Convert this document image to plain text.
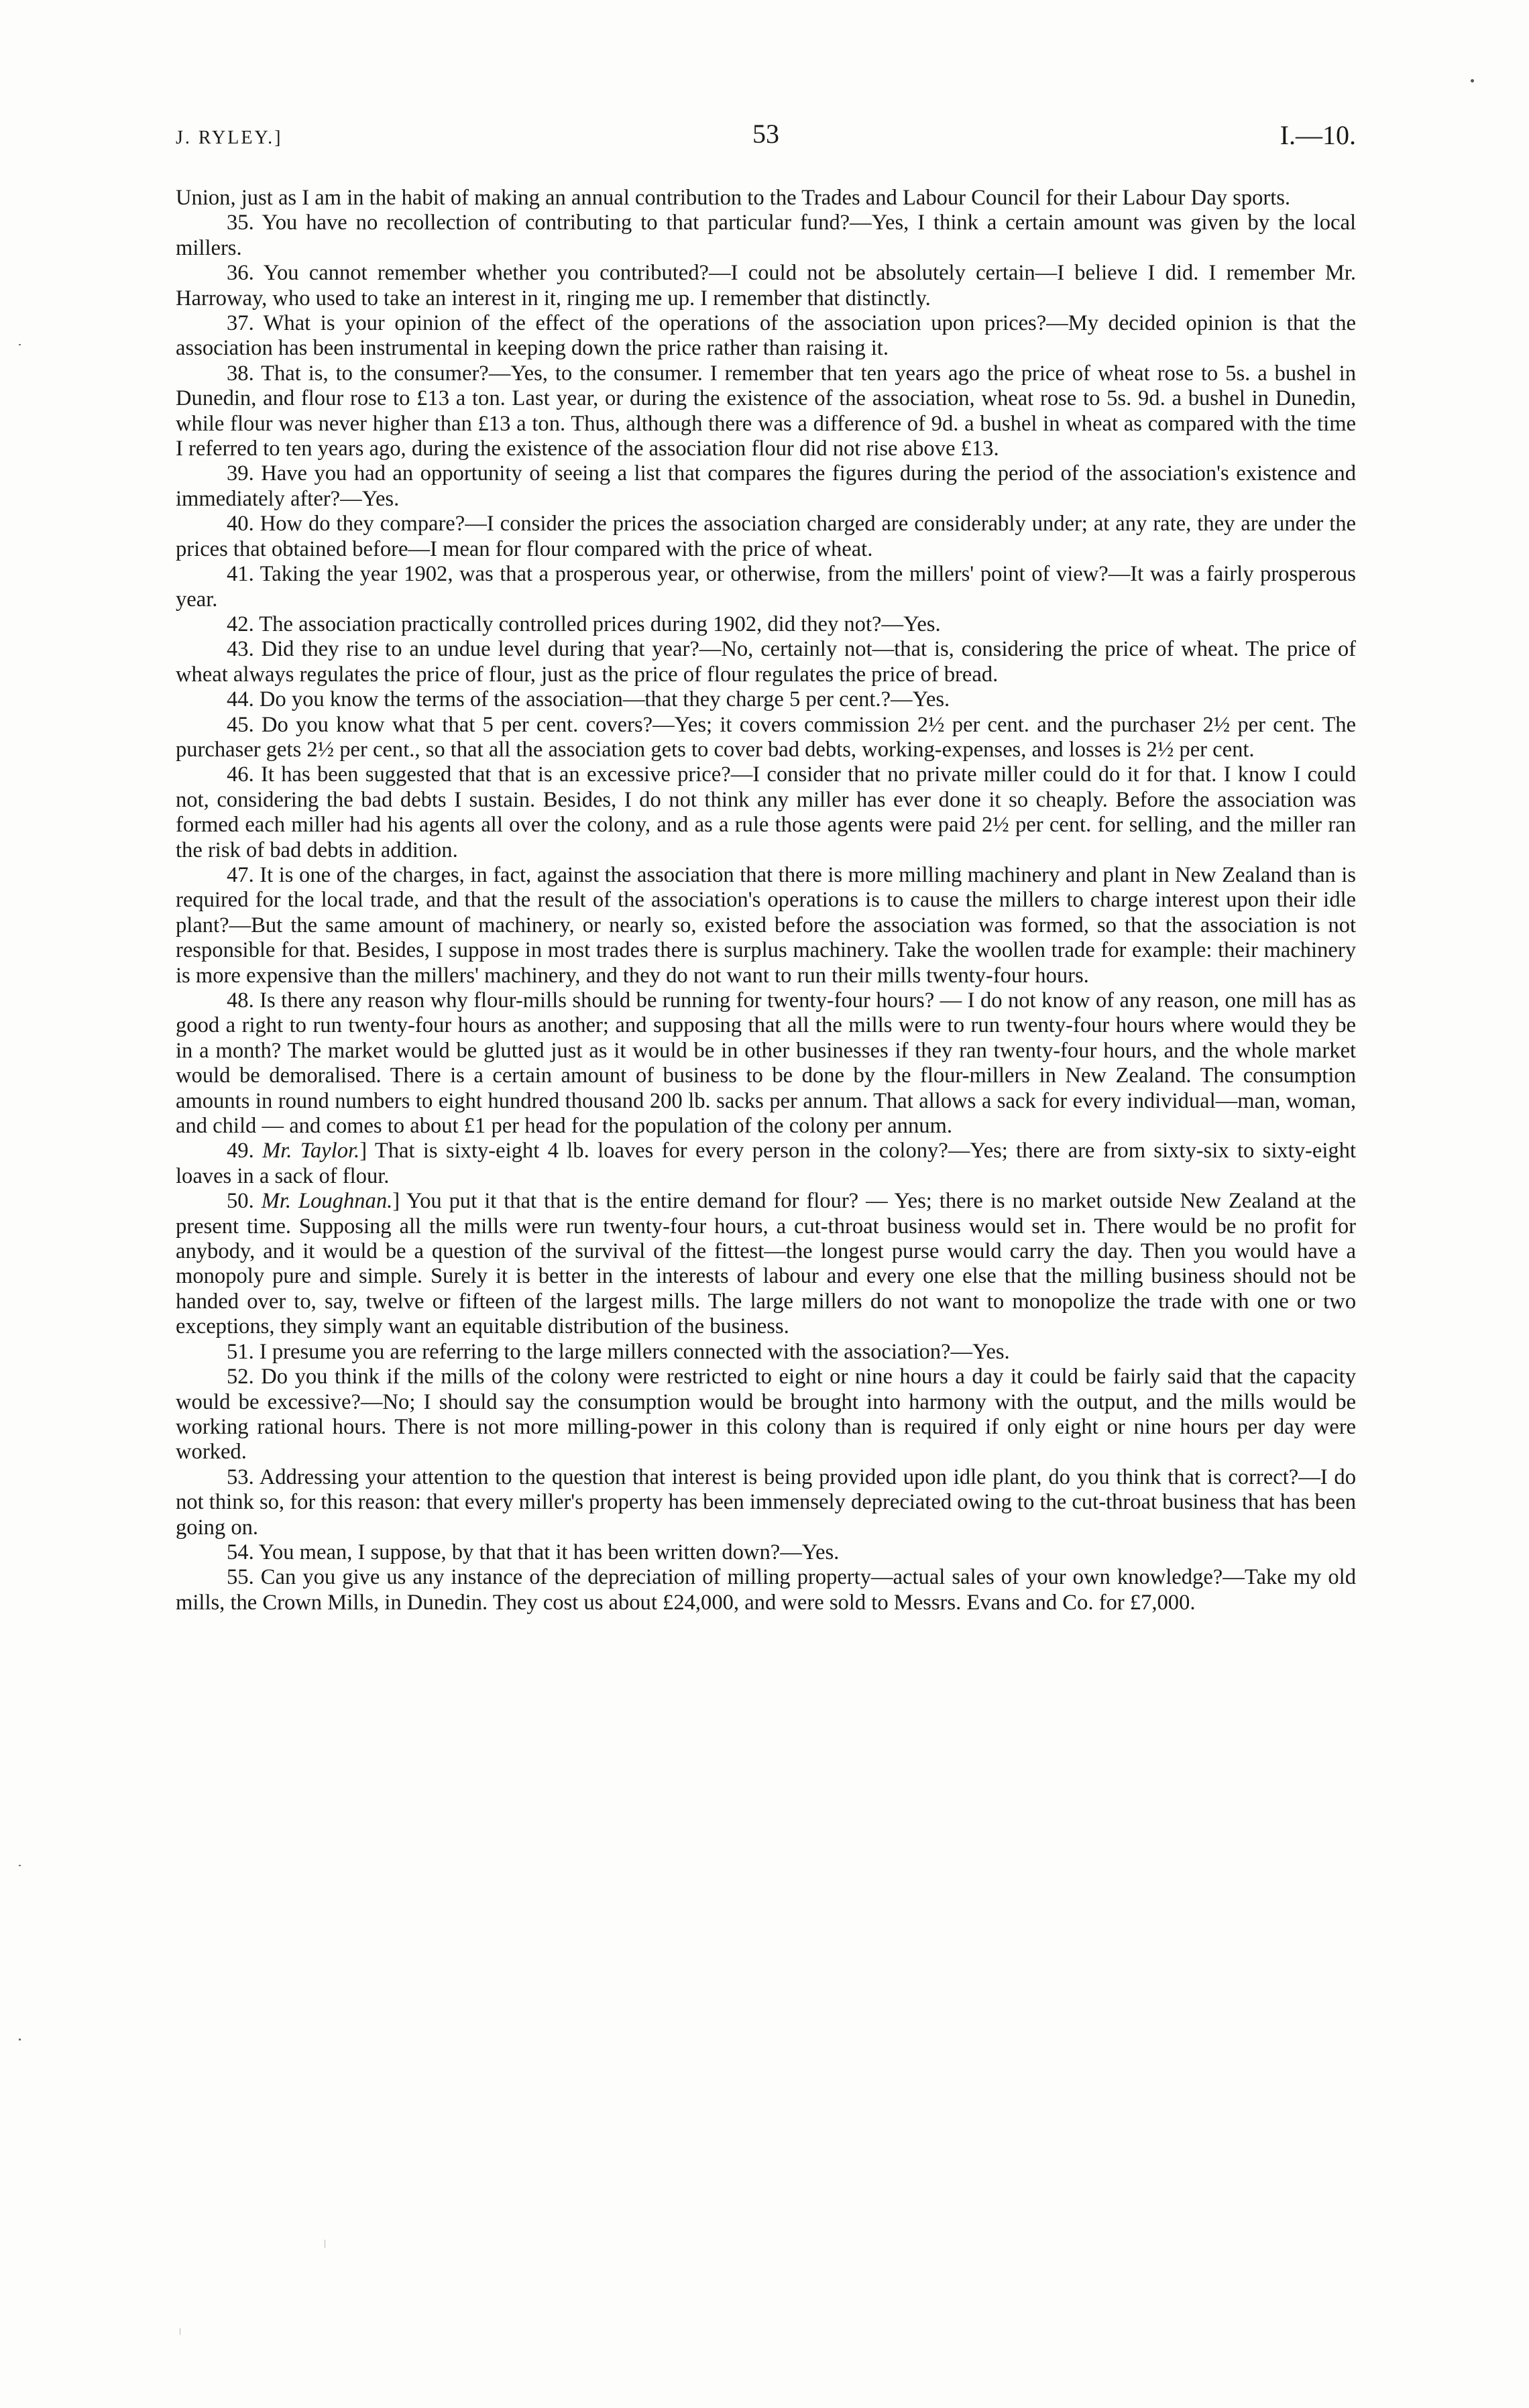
J. RYLEY.]	53	I.—10.

Union, just as I am in the habit of making an annual contribution to the Trades and Labour Council for their Labour Day sports.

35. You have no recollection of contributing to that particular fund?—Yes, I think a certain amount was given by the local millers.

36. You cannot remember whether you contributed?—I could not be absolutely certain—I believe I did. I remember Mr. Harroway, who used to take an interest in it, ringing me up. I remember that distinctly.

37. What is your opinion of the effect of the operations of the association upon prices?—My decided opinion is that the association has been instrumental in keeping down the price rather than raising it.

38. That is, to the consumer?—Yes, to the consumer. I remember that ten years ago the price of wheat rose to 5s. a bushel in Dunedin, and flour rose to £13 a ton. Last year, or during the existence of the association, wheat rose to 5s. 9d. a bushel in Dunedin, while flour was never higher than £13 a ton. Thus, although there was a difference of 9d. a bushel in wheat as compared with the time I referred to ten years ago, during the existence of the association flour did not rise above £13.

39. Have you had an opportunity of seeing a list that compares the figures during the period of the association's existence and immediately after?—Yes.

40. How do they compare?—I consider the prices the association charged are considerably under; at any rate, they are under the prices that obtained before—I mean for flour compared with the price of wheat.

41. Taking the year 1902, was that a prosperous year, or otherwise, from the millers' point of view?—It was a fairly prosperous year.

42. The association practically controlled prices during 1902, did they not?—Yes.

43. Did they rise to an undue level during that year?—No, certainly not—that is, considering the price of wheat. The price of wheat always regulates the price of flour, just as the price of flour regulates the price of bread.

44. Do you know the terms of the association—that they charge 5 per cent.?—Yes.

45. Do you know what that 5 per cent. covers?—Yes; it covers commission 2½ per cent. and the purchaser 2½ per cent. The purchaser gets 2½ per cent., so that all the association gets to cover bad debts, working-expenses, and losses is 2½ per cent.

46. It has been suggested that that is an excessive price?—I consider that no private miller could do it for that. I know I could not, considering the bad debts I sustain. Besides, I do not think any miller has ever done it so cheaply. Before the association was formed each miller had his agents all over the colony, and as a rule those agents were paid 2½ per cent. for selling, and the miller ran the risk of bad debts in addition.

47. It is one of the charges, in fact, against the association that there is more milling machinery and plant in New Zealand than is required for the local trade, and that the result of the association's operations is to cause the millers to charge interest upon their idle plant?—But the same amount of machinery, or nearly so, existed before the association was formed, so that the association is not responsible for that. Besides, I suppose in most trades there is surplus machinery. Take the woollen trade for example: their machinery is more expensive than the millers' machinery, and they do not want to run their mills twenty-four hours.

48. Is there any reason why flour-mills should be running for twenty-four hours? — I do not know of any reason, one mill has as good a right to run twenty-four hours as another; and supposing that all the mills were to run twenty-four hours where would they be in a month? The market would be glutted just as it would be in other businesses if they ran twenty-four hours, and the whole market would be demoralised. There is a certain amount of business to be done by the flour-millers in New Zealand. The consumption amounts in round numbers to eight hundred thousand 200 lb. sacks per annum. That allows a sack for every individual—man, woman, and child — and comes to about £1 per head for the population of the colony per annum.

49. Mr. Taylor.] That is sixty-eight 4 lb. loaves for every person in the colony?—Yes; there are from sixty-six to sixty-eight loaves in a sack of flour.

50. Mr. Loughnan.] You put it that that is the entire demand for flour? — Yes; there is no market outside New Zealand at the present time. Supposing all the mills were run twenty-four hours, a cut-throat business would set in. There would be no profit for anybody, and it would be a question of the survival of the fittest—the longest purse would carry the day. Then you would have a monopoly pure and simple. Surely it is better in the interests of labour and every one else that the milling business should not be handed over to, say, twelve or fifteen of the largest mills. The large millers do not want to monopolize the trade with one or two exceptions, they simply want an equitable distribution of the business.

51. I presume you are referring to the large millers connected with the association?—Yes.

52. Do you think if the mills of the colony were restricted to eight or nine hours a day it could be fairly said that the capacity would be excessive?—No; I should say the consumption would be brought into harmony with the output, and the mills would be working rational hours. There is not more milling-power in this colony than is required if only eight or nine hours per day were worked.

53. Addressing your attention to the question that interest is being provided upon idle plant, do you think that is correct?—I do not think so, for this reason: that every miller's property has been immensely depreciated owing to the cut-throat business that has been going on.

54. You mean, I suppose, by that that it has been written down?—Yes.

55. Can you give us any instance of the depreciation of milling property—actual sales of your own knowledge?—Take my old mills, the Crown Mills, in Dunedin. They cost us about £24,000, and were sold to Messrs. Evans and Co. for £7,000.
